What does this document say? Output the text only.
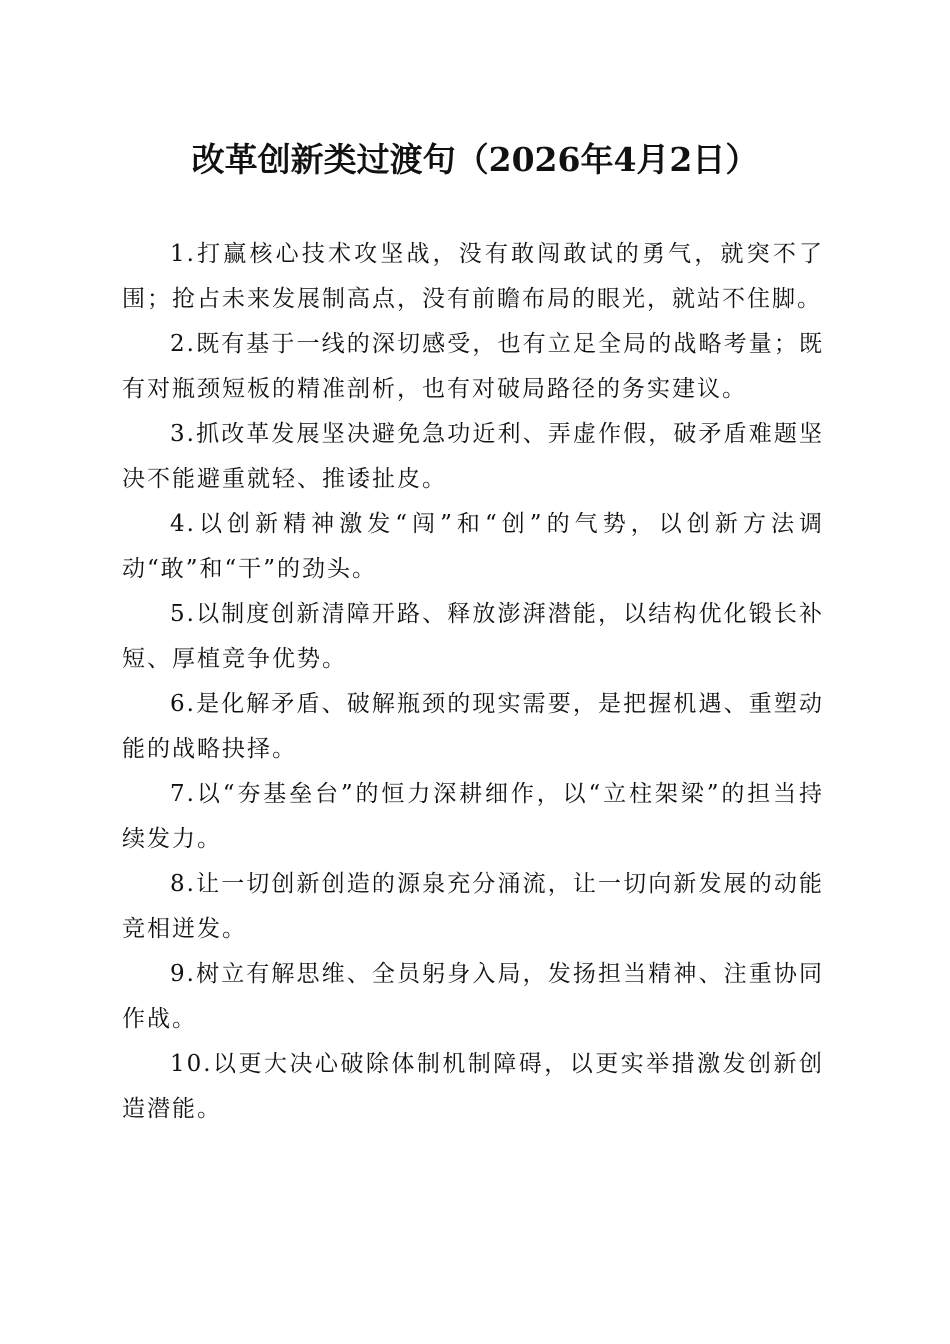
改革创新类过渡句（2026年4月2日）

1.打赢核心技术攻坚战，没有敢闯敢试的勇气，就突不了围；抢占未来发展制高点，没有前瞻布局的眼光，就站不住脚。

2.既有基于一线的深切感受，也有立足全局的战略考量；既有对瓶颈短板的精准剖析，也有对破局路径的务实建议。

3.抓改革发展坚决避免急功近利、弄虚作假，破矛盾难题坚决不能避重就轻、推诿扯皮。

4.以创新精神激发“闯”和“创”的气势，以创新方法调动“敢”和“干”的劲头。

5.以制度创新清障开路、释放澎湃潜能，以结构优化锻长补短、厚植竞争优势。

6.是化解矛盾、破解瓶颈的现实需要，是把握机遇、重塑动能的战略抉择。

7.以“夯基垒台”的恒力深耕细作，以“立柱架梁”的担当持续发力。

8.让一切创新创造的源泉充分涌流，让一切向新发展的动能竞相迸发。

9.树立有解思维、全员躬身入局，发扬担当精神、注重协同作战。

10.以更大决心破除体制机制障碍，以更实举措激发创新创造潜能。
